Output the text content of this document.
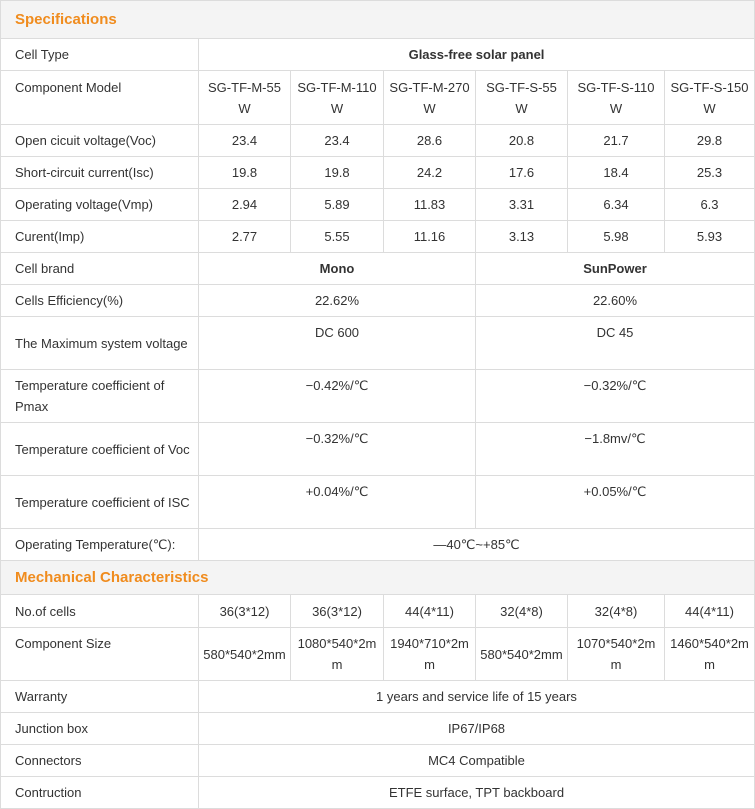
Specifications						
Cell Type	Glass-free solar panel					
Component Model	SG-TF-M-55W	SG-TF-M-110W	SG-TF-M-270W	SG-TF-S-55W	SG-TF-S-110W	SG-TF-S-150W
Open cicuit voltage(Voc)	23.4	23.4	28.6	20.8	21.7	29.8
Short-circuit current(Isc)	19.8	19.8	24.2	17.6	18.4	25.3
Operating voltage(Vmp)	2.94	5.89	11.83	3.31	6.34	6.3
Curent(Imp)	2.77	5.55	11.16	3.13	5.98	5.93
Cell brand	Mono			SunPower		
Cells Efficiency(%)	22.62%			22.60%		
The Maximum system voltage	DC 600			DC 45		
Temperature coefficient of Pmax	−0.42%/℃			−0.32%/℃		
Temperature coefficient of Voc	−0.32%/℃			−1.8mv/℃		
Temperature coefficient of ISC	+0.04%/℃			+0.05%/℃		
Operating Temperature(℃):	—40℃~+85℃					
Mechanical Characteristics						
No.of cells	36(3*12)	36(3*12)	44(4*11)	32(4*8)	32(4*8)	44(4*11)
Component Size	580*540*2mm	1080*540*2mm	1940*710*2mm	580*540*2mm	1070*540*2mm	1460*540*2mm
Warranty	1 years and service life of 15 years					
Junction box	IP67/IP68					
Connectors	MC4 Compatible					
Contruction	ETFE surface, TPT backboard					
